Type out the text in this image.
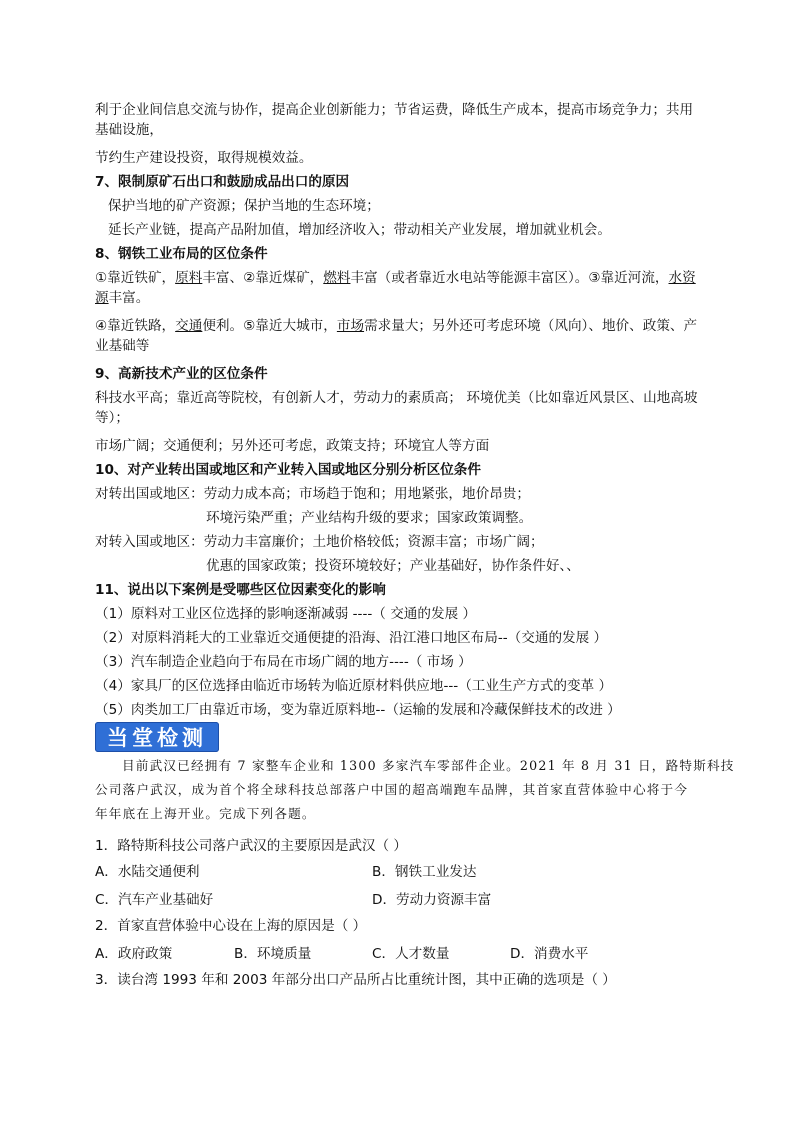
利于企业间信息交流与协作，提高企业创新能力；节省运费，降低生产成本，提高市场竞争力；共用基础设施，
节约生产建设投资，取得规模效益。
7、限制原矿石出口和鼓励成品出口的原因
保护当地的矿产资源；保护当地的生态环境；
延长产业链，提高产品附加值，增加经济收入；带动相关产业发展，增加就业机会。
8、钢铁工业布局的区位条件
①靠近铁矿，原料丰富、②靠近煤矿，燃料丰富（或者靠近水电站等能源丰富区）。③靠近河流，水资源丰富。
④靠近铁路，交通便利。⑤靠近大城市，市场需求量大；另外还可考虑环境（风向）、地价、政策、产业基础等
9、高新技术产业的区位条件
科技水平高；靠近高等院校，有创新人才，劳动力的素质高； 环境优美（比如靠近风景区、山地高坡等）；
市场广阔；交通便利；另外还可考虑，政策支持；环境宜人等方面
10、对产业转出国或地区和产业转入国或地区分别分析区位条件
对转出国或地区：劳动力成本高；市场趋于饱和；用地紧张，地价昂贵；
环境污染严重；产业结构升级的要求；国家政策调整。
对转入国或地区：劳动力丰富廉价；土地价格较低；资源丰富；市场广阔；
优惠的国家政策；投资环境较好；产业基础好，协作条件好、、
11、说出以下案例是受哪些区位因素变化的影响
（1）原料对工业区位选择的影响逐渐减弱 ----（ 交通的发展 ）
（2）对原料消耗大的工业靠近交通便捷的沿海、沿江港口地区布局--（交通的发展 ）
（3）汽车制造企业趋向于布局在市场广阔的地方----（ 市场 ）
（4）家具厂的区位选择由临近市场转为临近原材料供应地---（工业生产方式的变革 ）
（5）肉类加工厂由靠近市场，变为靠近原料地--（运输的发展和冷藏保鲜技术的改进 ）
当堂检测
目前武汉已经拥有 7 家整车企业和 1300 多家汽车零部件企业。2021 年 8 月 31 日，路特斯科技
公司落户武汉，成为首个将全球科技总部落户中国的超高端跑车品牌，其首家直营体验中心将于今
年年底在上海开业。完成下列各题。
1．路特斯科技公司落户武汉的主要原因是武汉（ ）
A．水陆交通便利	B．钢铁工业发达
C．汽车产业基础好	D．劳动力资源丰富
2．首家直营体验中心设在上海的原因是（ ）
A．政府政策	B．环境质量	C．人才数量	D．消费水平
3．读台湾 1993 年和 2003 年部分出口产品所占比重统计图，其中正确的选项是（ ）
